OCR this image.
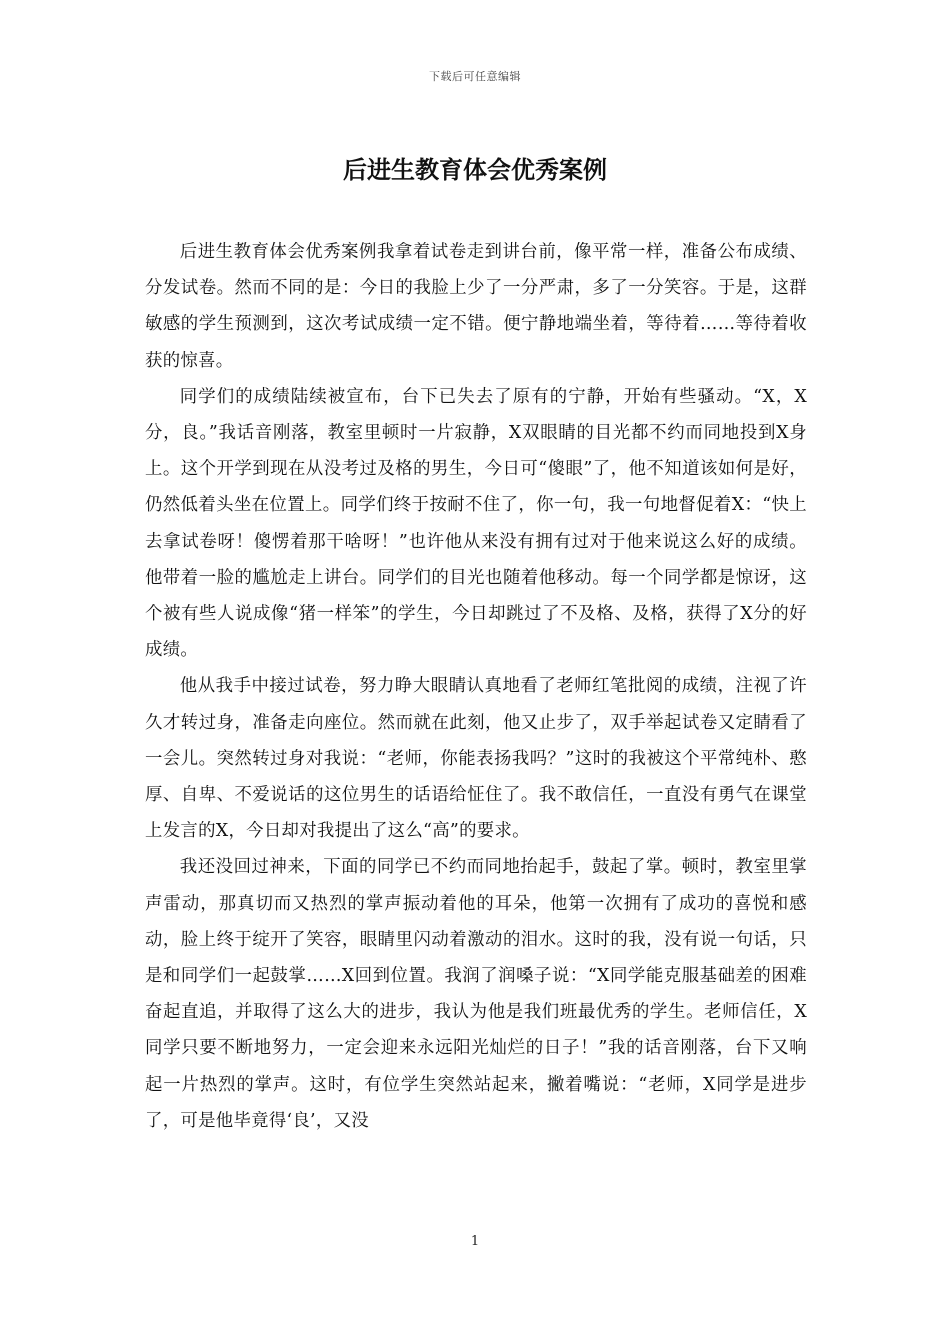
下载后可任意编辑
后进生教育体会优秀案例

后进生教育体会优秀案例我拿着试卷走到讲台前，像平常一样，准备公布成绩、分发试卷。然而不同的是：今日的我脸上少了一分严肃，多了一分笑容。于是，这群敏感的学生预测到，这次考试成绩一定不错。便宁静地端坐着，等待着……等待着收获的惊喜。

同学们的成绩陆续被宣布，台下已失去了原有的宁静，开始有些骚动。“X，X分，良。”我话音刚落，教室里顿时一片寂静，X双眼睛的目光都不约而同地投到X身上。这个开学到现在从没考过及格的男生，今日可“傻眼”了，他不知道该如何是好，仍然低着头坐在位置上。同学们终于按耐不住了，你一句，我一句地督促着X：“快上去拿试卷呀！傻愣着那干啥呀！”也许他从来没有拥有过对于他来说这么好的成绩。他带着一脸的尴尬走上讲台。同学们的目光也随着他移动。每一个同学都是惊讶，这个被有些人说成像“猪一样笨”的学生，今日却跳过了不及格、及格，获得了X分的好成绩。

他从我手中接过试卷，努力睁大眼睛认真地看了老师红笔批阅的成绩，注视了许久才转过身，准备走向座位。然而就在此刻，他又止步了，双手举起试卷又定睛看了一会儿。突然转过身对我说：“老师，你能表扬我吗？”这时的我被这个平常纯朴、憨厚、自卑、不爱说话的这位男生的话语给怔住了。我不敢信任，一直没有勇气在课堂上发言的X，今日却对我提出了这么“高”的要求。

我还没回过神来，下面的同学已不约而同地抬起手，鼓起了掌。顿时，教室里掌声雷动，那真切而又热烈的掌声振动着他的耳朵，他第一次拥有了成功的喜悦和感动，脸上终于绽开了笑容，眼睛里闪动着激动的泪水。这时的我，没有说一句话，只是和同学们一起鼓掌……X回到位置。我润了润嗓子说：“X同学能克服基础差的困难奋起直追，并取得了这么大的进步，我认为他是我们班最优秀的学生。老师信任，X同学只要不断地努力，一定会迎来永远阳光灿烂的日子！”我的话音刚落，台下又响起一片热烈的掌声。这时，有位学生突然站起来，撇着嘴说：“老师，X同学是进步了，可是他毕竟得‘良’，又没

1
